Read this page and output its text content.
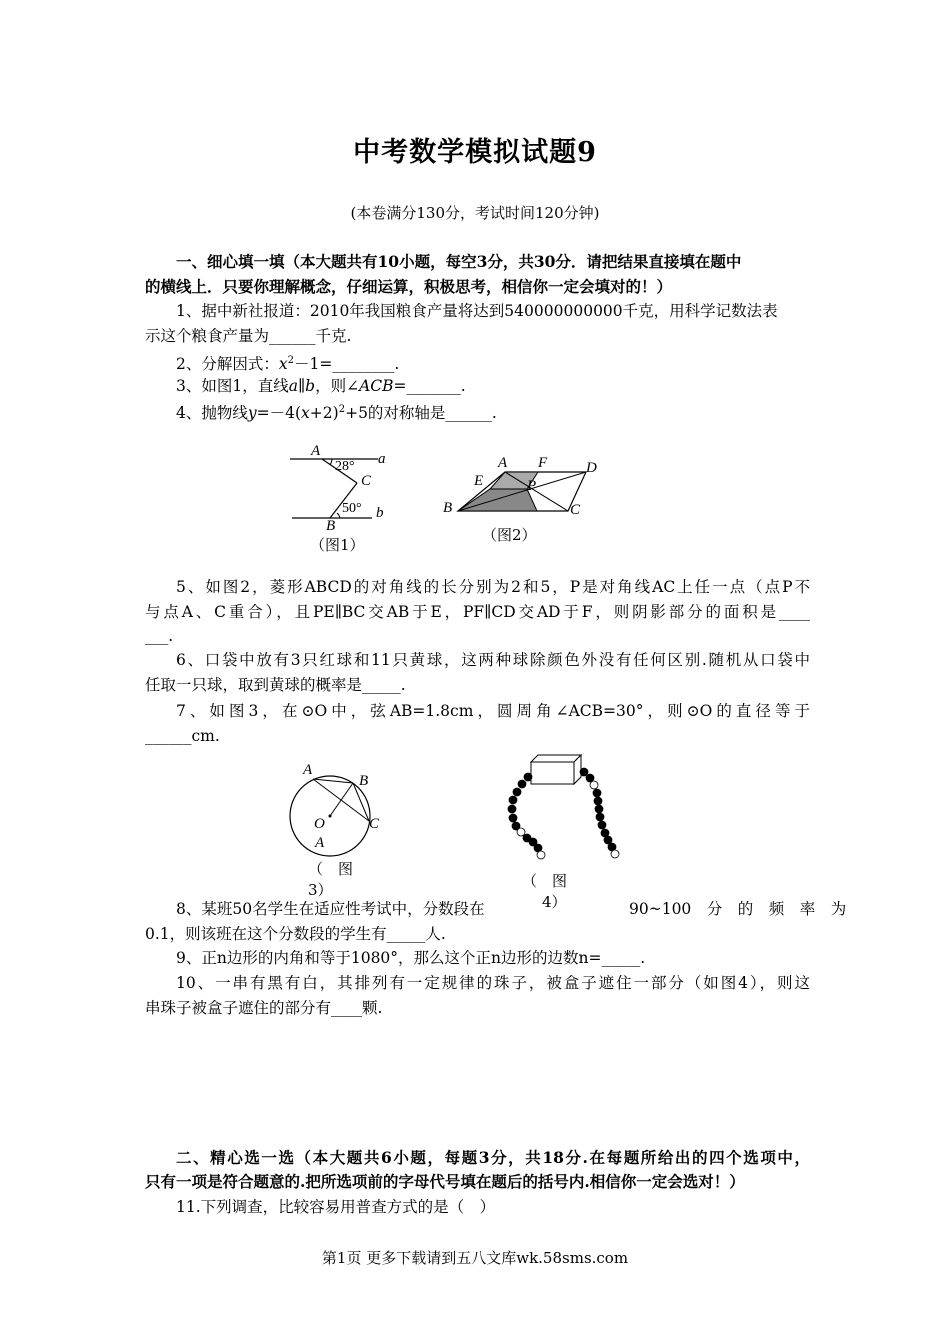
中考数学模拟试题9
(本卷满分130分，考试时间120分钟)
一、细心填一填（本大题共有10小题，每空3分，共30分．请把结果直接填在题中
的横线上．只要你理解概念，仔细运算，积极思考，相信你一定会填对的！）
1、据中新社报道：2010年我国粮食产量将达到540000000000千克，用科学记数法表
示这个粮食产量为______千克.
2、分解因式：$x^2-1=\_\_\_\_\_\_\_\_$.
3、如图1，直线a∥b，则∠ACB=_______.
4、抛物线$y=-4(x+2)^2+5$的对称轴是______.
A	a
28°
C
50° b
B
（图1）
A F	D
E	P
B	C
（图2）
5、如图2，菱形ABCD的对角线的长分别为2和5，P是对角线AC上任一点（点P不
与点A、C重合），且PE∥BC交AB于E，PF∥CD交AD于F，则阴影部分的面积是____
___.
6、口袋中放有3只红球和11只黄球，这两种球除颜色外没有任何区别.随机从口袋中
任取一只球，取到黄球的概率是_____.
7、如图3，在⊙O中，弦AB=1.8cm，圆周角∠ACB=30°，则⊙O的直径等于
______cm.
A
B
O	C
A
（　图
3）	（　图
4）
8、某班50名学生在适应性考试中，分数段在	90~100　分　的　频　率　为
0.1，则该班在这个分数段的学生有_____人.
9、正n边形的内角和等于1080°，那么这个正n边形的边数n=_____.
10、一串有黑有白，其排列有一定规律的珠子，被盒子遮住一部分（如图4），则这
串珠子被盒子遮住的部分有____颗.
二、精心选一选（本大题共6小题，每题3分，共18分.在每题所给出的四个选项中，
只有一项是符合题意的.把所选项前的字母代号填在题后的括号内.相信你一定会选对！）
11.下列调查，比较容易用普查方式的是（　）
第1页 更多下载请到五八文库wk.58sms.com
